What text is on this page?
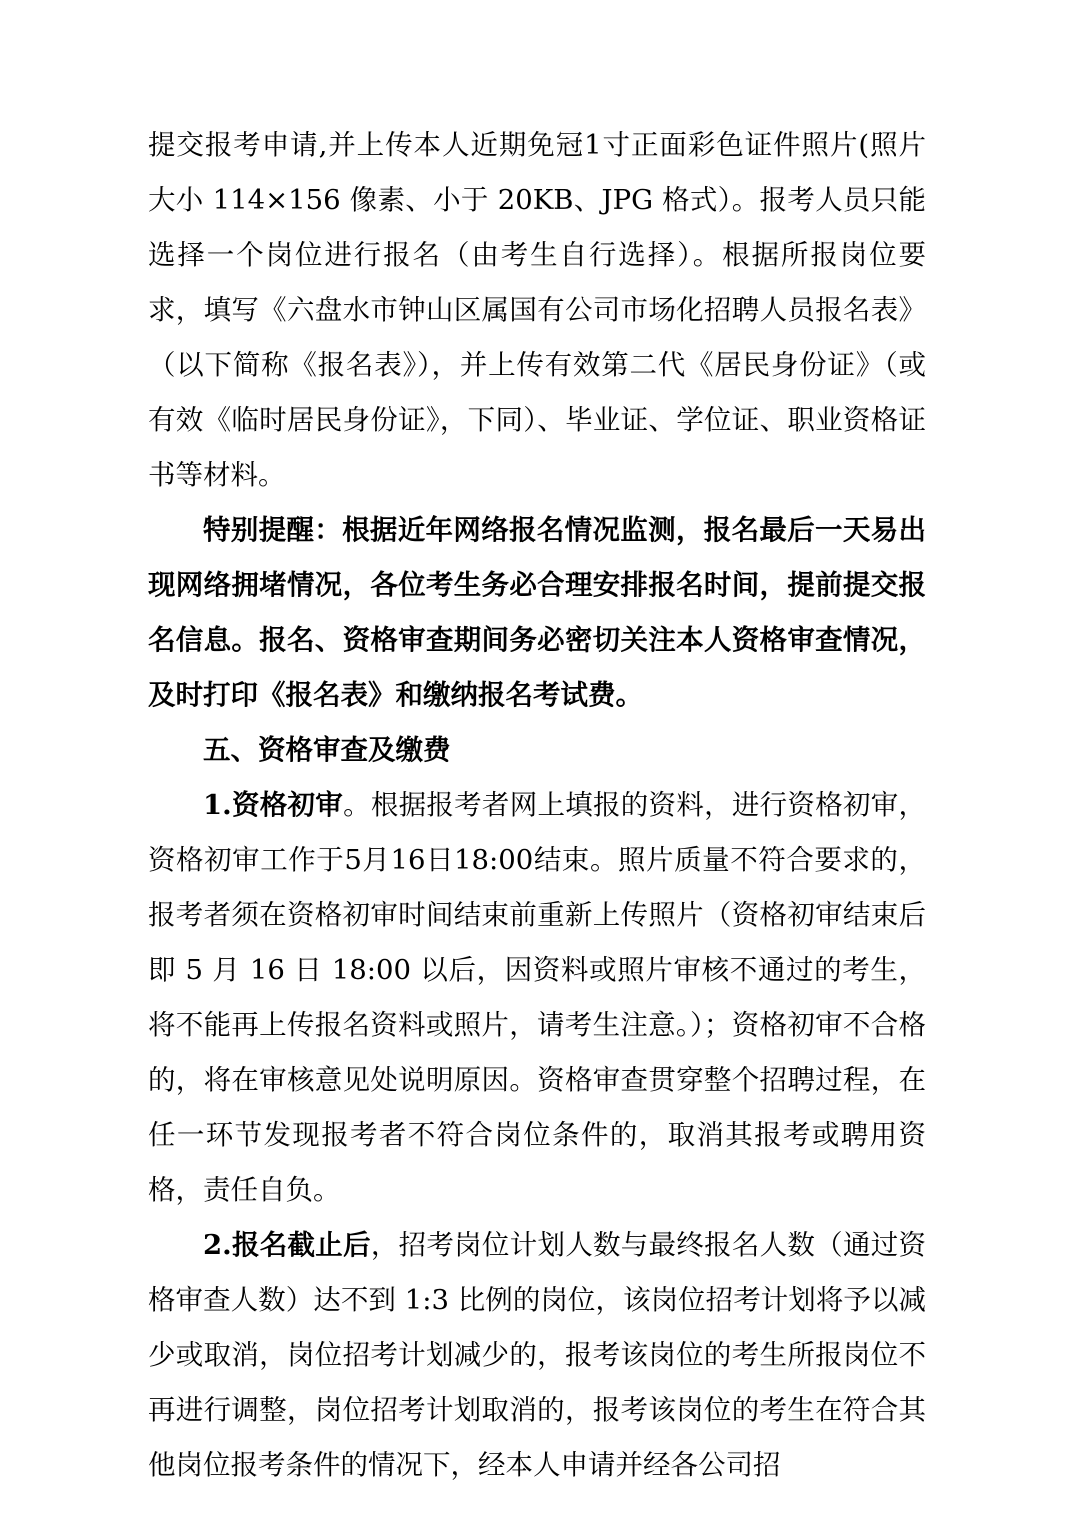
提交报考申请,并上传本人近期免冠1寸正面彩色证件照片(照片大小 114×156 像素、小于 20KB、JPG 格式）。报考人员只能选择一个岗位进行报名（由考生自行选择）。根据所报岗位要求，填写《六盘水市钟山区属国有公司市场化招聘人员报名表》（以下简称《报名表》），并上传有效第二代《居民身份证》（或有效《临时居民身份证》，下同）、毕业证、学位证、职业资格证书等材料。

特别提醒：根据近年网络报名情况监测，报名最后一天易出现网络拥堵情况，各位考生务必合理安排报名时间，提前提交报名信息。报名、资格审查期间务必密切关注本人资格审查情况，及时打印《报名表》和缴纳报名考试费。

五、资格审查及缴费

1.资格初审。根据报考者网上填报的资料，进行资格初审，资格初审工作于5月16日18:00结束。照片质量不符合要求的，报考者须在资格初审时间结束前重新上传照片（资格初审结束后即 5 月 16 日 18:00 以后，因资料或照片审核不通过的考生，将不能再上传报名资料或照片，请考生注意。）；资格初审不合格的，将在审核意见处说明原因。资格审查贯穿整个招聘过程，在任一环节发现报考者不符合岗位条件的，取消其报考或聘用资格，责任自负。

2.报名截止后，招考岗位计划人数与最终报名人数（通过资格审查人数）达不到 1:3 比例的岗位，该岗位招考计划将予以减少或取消，岗位招考计划减少的，报考该岗位的考生所报岗位不再进行调整，岗位招考计划取消的，报考该岗位的考生在符合其他岗位报考条件的情况下，经本人申请并经各公司招
